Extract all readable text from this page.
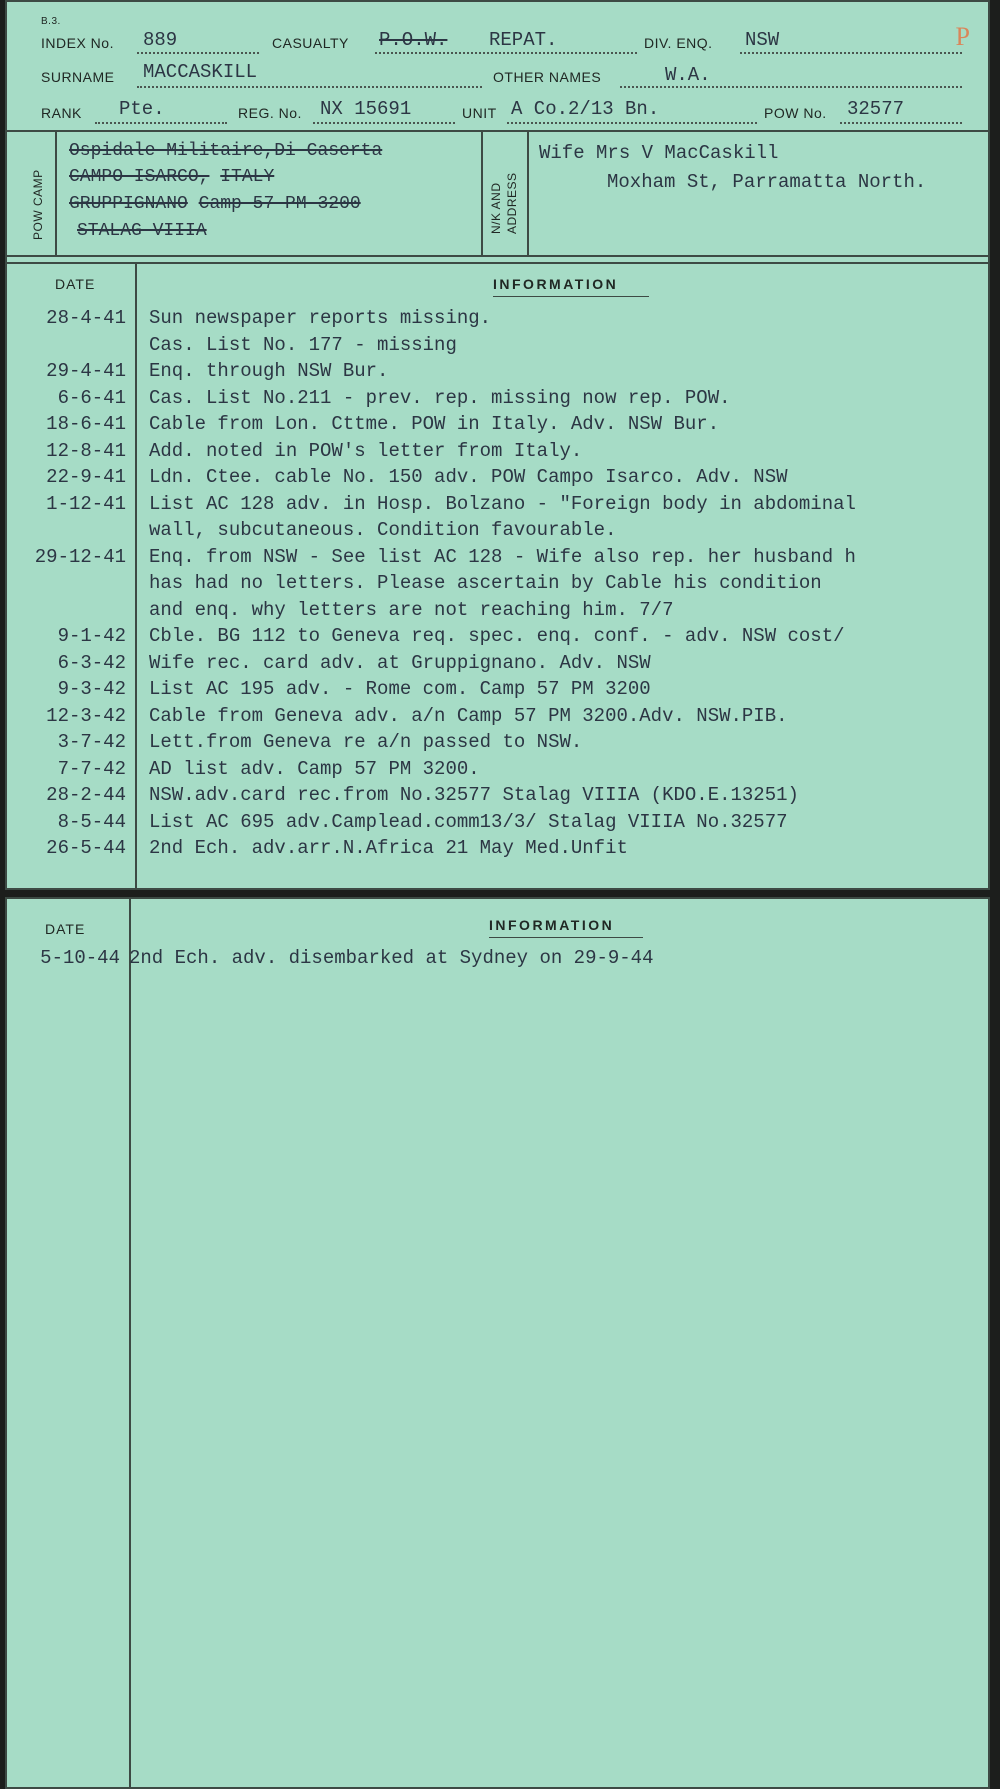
B.3.
P
INDEX No. 889	CASUALTY P.O.W. REPAT.	DIV. ENQ. NSW
SURNAME MACCASKILL	OTHER NAMES	W.A.
RANK Pte.	REG. No. NX 15691	UNIT A Co.2/13 Bn.	POW No. 32577
POW CAMP	N/K AND ADDRESS
Ospidale-Militaire,Di-Caserta
CAMPO-ISARCO, ITALY
GRUPPIGNANO Camp 57 PM 3200
STALAG VIIIA
Wife Mrs V MacCaskill
Moxham St, Parramatta North.
DATE	INFORMATION
28-4-41 Sun newspaper reports missing.
Cas. List No. 177 - missing
29-4-41 Enq. through NSW Bur.
6-6-41 Cas. List No.211 - prev. rep. missing now rep. POW.
18-6-41 Cable from Lon. Cttme. POW in Italy. Adv. NSW Bur.
12-8-41 Add. noted in POW's letter from Italy.
22-9-41 Ldn. Ctee. cable No. 150 adv. POW Campo Isarco. Adv. NSW
1-12-41 List AC 128 adv. in Hosp. Bolzano - "Foreign body in abdominal
wall, subcutaneous. Condition favourable.
29-12-41 Enq. from NSW - See list AC 128 - Wife also rep. her husband h
has had no letters. Please ascertain by Cable his condition
and enq. why letters are not reaching him. 7/7
9-1-42 Cble. BG 112 to Geneva req. spec. enq. conf. - adv. NSW cost/
6-3-42 Wife rec. card adv. at Gruppignano. Adv. NSW
9-3-42 List AC 195 adv. - Rome com. Camp 57 PM 3200
12-3-42 Cable from Geneva adv. a/n Camp 57 PM 3200.Adv. NSW.PIB.
3-7-42 Lett.from Geneva re a/n passed to NSW.
7-7-42 AD list adv. Camp 57 PM 3200.
28-2-44 NSW.adv.card rec.from No.32577 Stalag VIIIA (KDO.E.13251)
8-5-44 List AC 695 adv.Camplead.comm13/3/ Stalag VIIIA No.32577
26-5-44 2nd Ech. adv.arr.N.Africa 21 May Med.Unfit
DATE	INFORMATION
5-10-44 2nd Ech. adv. disembarked at Sydney on 29-9-44
